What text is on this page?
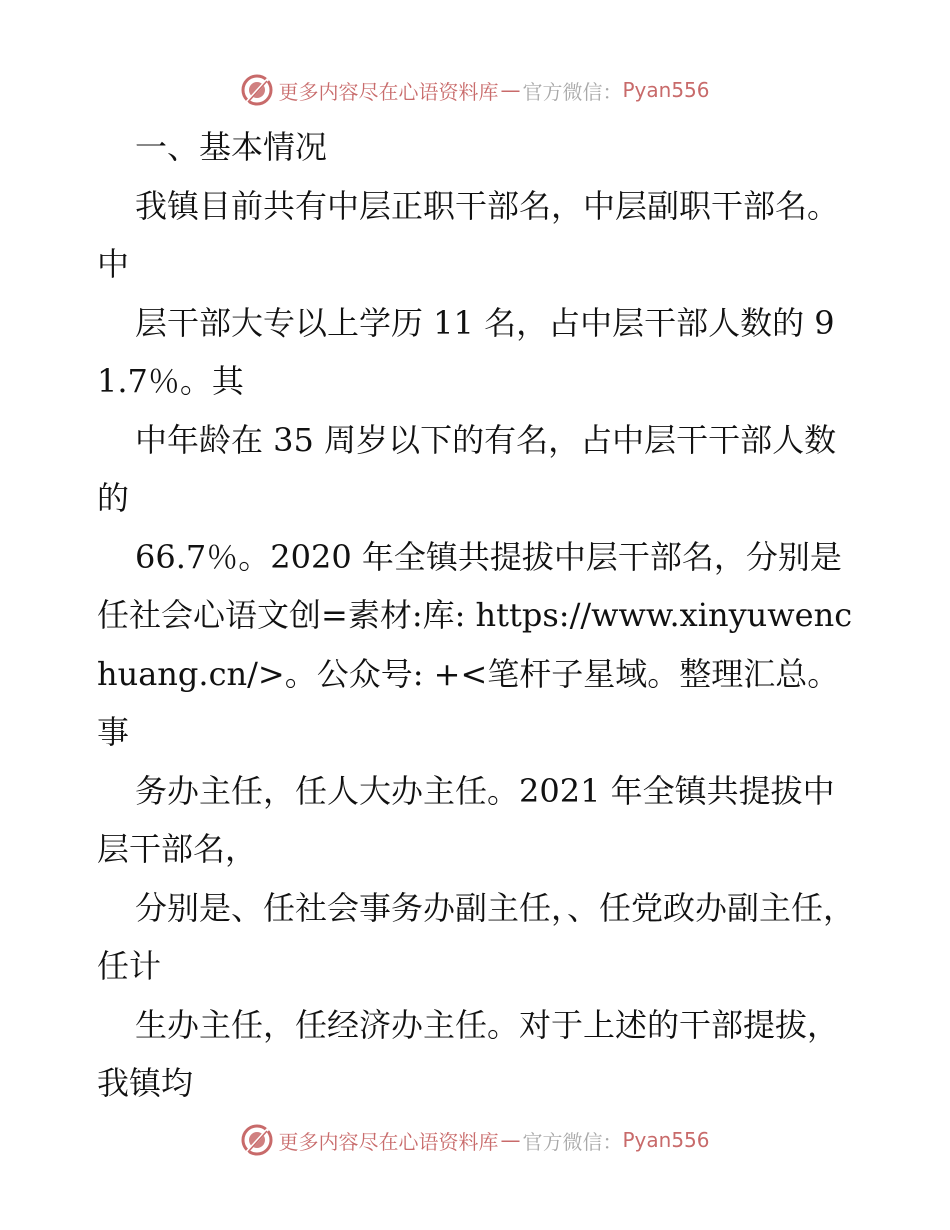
更多内容尽在心语资料库 — 官方微信： Pyan556

一、基本情况

我镇目前共有中层正职干部名，中层副职干部名。中

层干部大专以上学历 11 名，占中层干部人数的 91.7％。其

中年龄在 35 周岁以下的有名，占中层干干部人数的

66.7％。2020 年全镇共提拔中层干部名，分别是任社会心语文创=素材:库: https://www.xinyuwenchuang.cn/>。公众号: +<笔杆子星域。整理汇总。事

务办主任，任人大办主任。2021 年全镇共提拔中层干部名，

分别是、任社会事务办副主任，、任党政办副主任，任计

生办主任，任经济办主任。对于上述的干部提拔，我镇均

更多内容尽在心语资料库 — 官方微信： Pyan556
